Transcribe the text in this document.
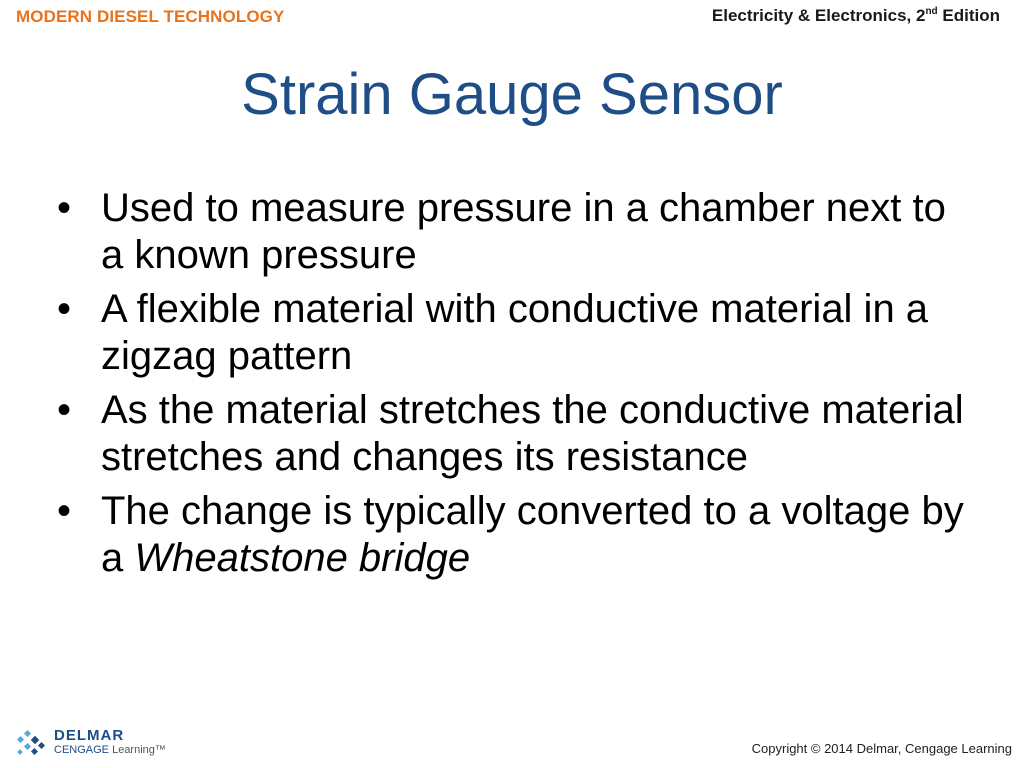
MODERN DIESEL TECHNOLOGY	Electricity & Electronics, 2nd Edition
Strain Gauge Sensor
• Used to measure pressure in a chamber next to a known pressure
• A flexible material with conductive material in a zigzag pattern
• As the material stretches the conductive material stretches and changes its resistance
• The change is typically converted to a voltage by a Wheatstone bridge
DELMAR
CENGAGE Learning™	Copyright © 2014 Delmar, Cengage Learning
